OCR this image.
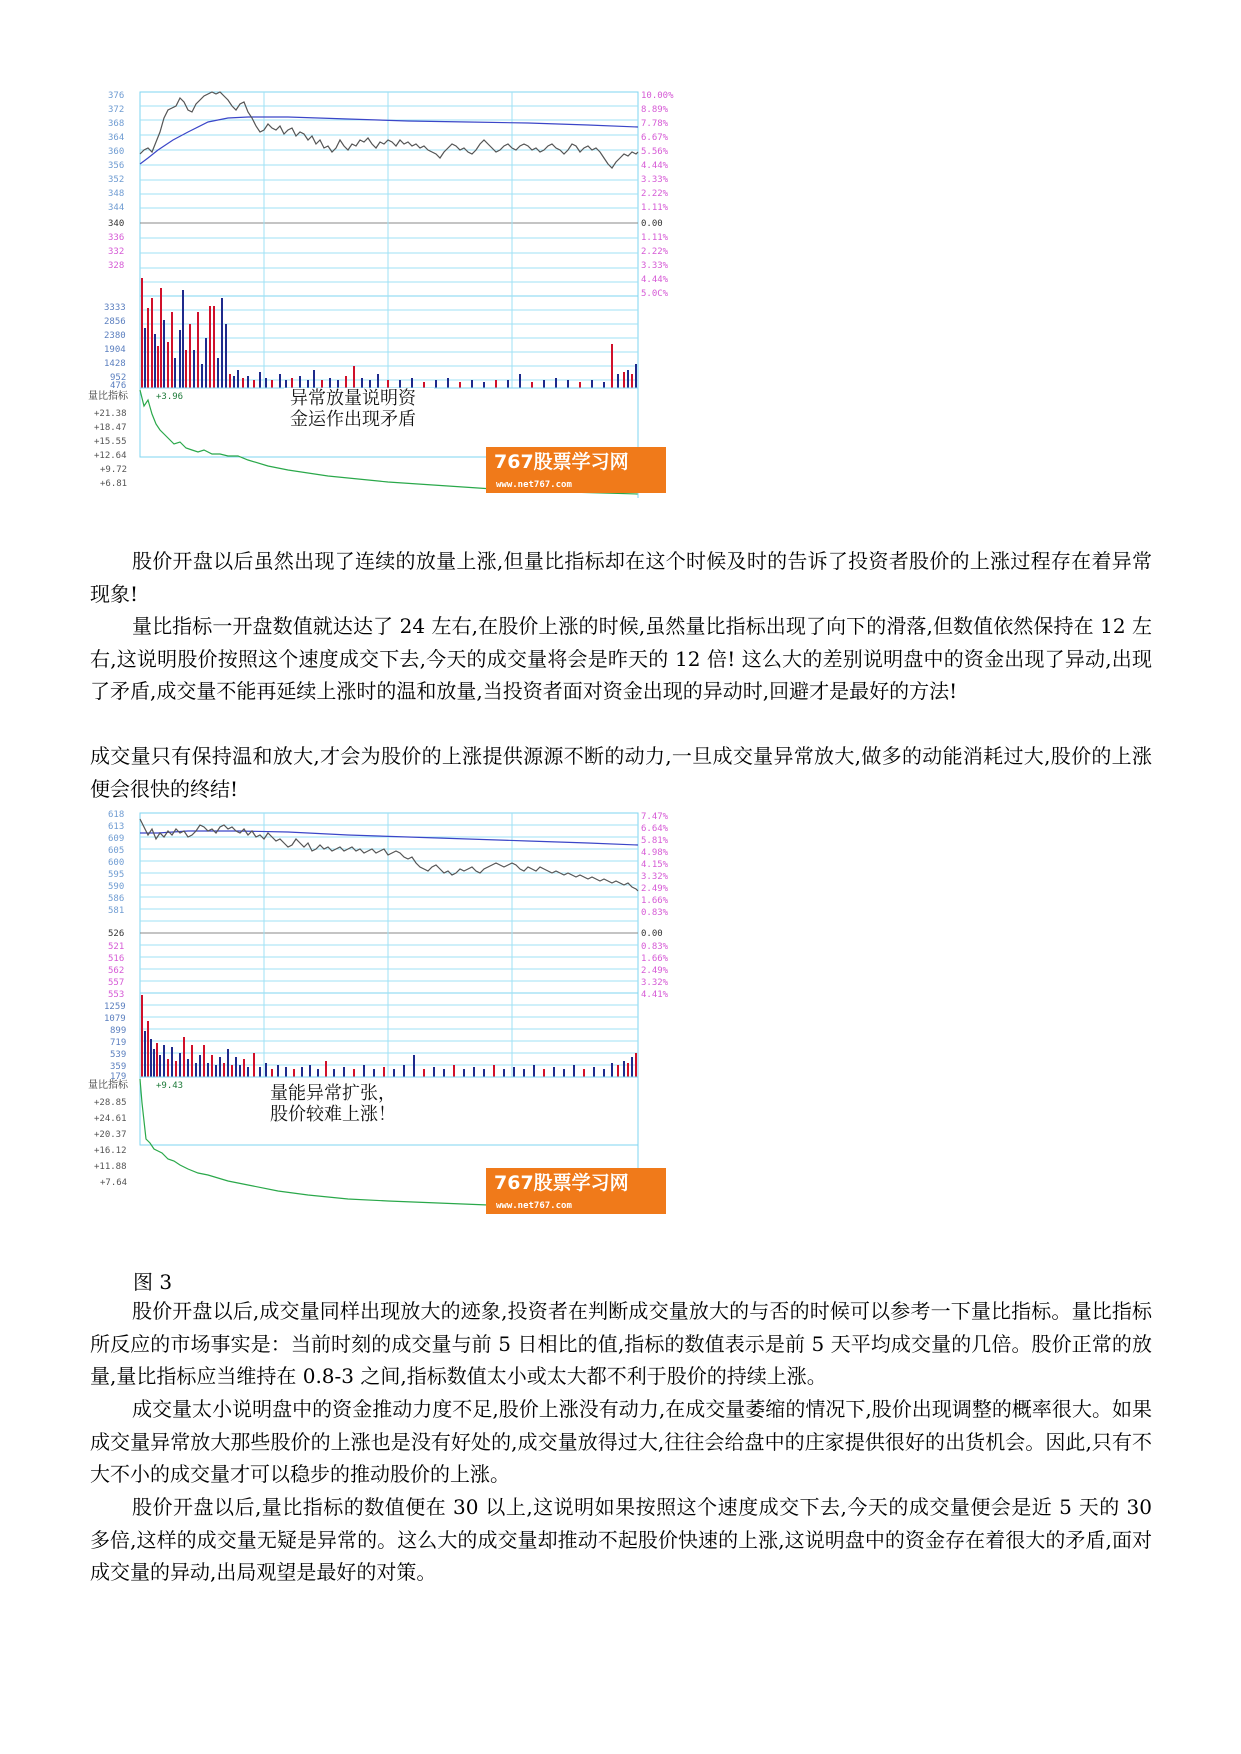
376
372
368
364
360
356
352
348
344
340
336
332
328
10.00%
8.89%
7.78%
6.67%
5.56%
4.44%
3.33%
2.22%
1.11%
0.00
1.11%
2.22%
3.33%
4.44%
5.0C%
3333
2856
2380
1904
1428
952
476
量比指标	+3.96
+21.38
+18.47
+15.55
+12.64
+9.72
+6.81
异常放量说明资
金运作出现矛盾
767股票学习网
www.net767.com

股价开盘以后虽然出现了连续的放量上涨,但量比指标却在这个时候及时的告诉了投资者股价的上涨过程存在着异常现象!

量比指标一开盘数值就达达了 24 左右,在股价上涨的时候,虽然量比指标出现了向下的滑落,但数值依然保持在 12 左右,这说明股价按照这个速度成交下去,今天的成交量将会是昨天的 12 倍! 这么大的差别说明盘中的资金出现了异动,出现了矛盾,成交量不能再延续上涨时的温和放量,当投资者面对资金出现的异动时,回避才是最好的方法!

成交量只有保持温和放大,才会为股价的上涨提供源源不断的动力,一旦成交量异常放大,做多的动能消耗过大,股价的上涨便会很快的终结!

618
613
609
605
600
595
590
586
581
526
521
516
562
557
553
7.47%
6.64%
5.81%
4.98%
4.15%
3.32%
2.49%
1.66%
0.83%
0.00
0.83%
1.66%
2.49%
3.32%
4.41%
1259
1079
899
719
539
359
179
量比指标	+9.43
+28.85
+24.61
+20.37
+16.12
+11.88
+7.64
量能异常扩张，
股价较难上涨！
767股票学习网
www.net767.com
图 3

股价开盘以后,成交量同样出现放大的迹象,投资者在判断成交量放大的与否的时候可以参考一下量比指标。量比指标所反应的市场事实是：当前时刻的成交量与前 5 日相比的值,指标的数值表示是前 5 天平均成交量的几倍。股价正常的放量,量比指标应当维持在 0.8-3 之间,指标数值太小或太大都不利于股价的持续上涨。

成交量太小说明盘中的资金推动力度不足,股价上涨没有动力,在成交量萎缩的情况下,股价出现调整的概率很大。如果成交量异常放大那些股价的上涨也是没有好处的,成交量放得过大,往往会给盘中的庄家提供很好的出货机会。因此,只有不大不小的成交量才可以稳步的推动股价的上涨。

股价开盘以后,量比指标的数值便在 30 以上,这说明如果按照这个速度成交下去,今天的成交量便会是近 5 天的 30 多倍,这样的成交量无疑是异常的。这么大的成交量却推动不起股价快速的上涨,这说明盘中的资金存在着很大的矛盾,面对成交量的异动,出局观望是最好的对策。
